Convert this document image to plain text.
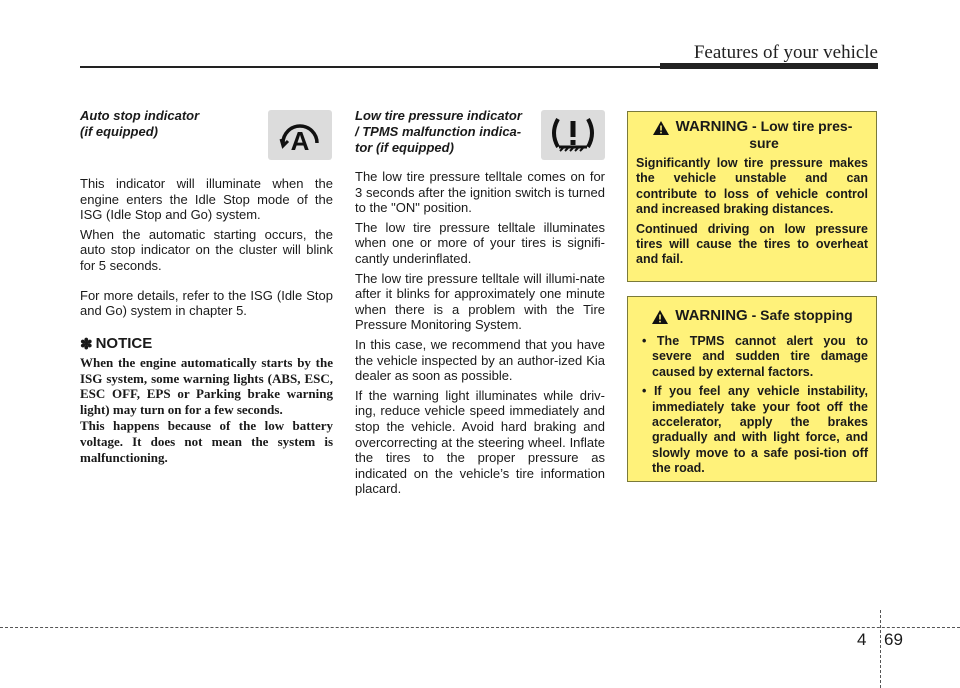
Features of your vehicle

Auto stop indicator
(if equipped)

This indicator will illuminate when the engine enters the Idle Stop mode of the ISG (Idle Stop and Go) system.

When the automatic starting occurs, the auto stop indicator on the cluster will blink for 5 seconds.

For more details, refer to the ISG (Idle Stop and Go) system in chapter 5.

✽ NOTICE

When the engine automatically starts by the ISG system, some warning lights (ABS, ESC, ESC OFF, EPS or Parking brake warning light) may turn on for a few seconds.

This happens because of the low battery voltage. It does not mean the system is malfunctioning.

A

Low tire pressure indicator
/ TPMS malfunction indica-
tor (if equipped)

The low tire pressure telltale comes on for 3 seconds after the ignition switch is turned to the "ON" position.

The low tire pressure telltale illuminates when one or more of your tires is signifi-cantly underinflated.

The low tire pressure telltale will illumi-nate after it blinks for approximately one minute when there is a problem with the Tire Pressure Monitoring System.

In this case, we recommend that you have the vehicle inspected by an author-ized Kia dealer as soon as possible.

If the warning light illuminates while driv-ing, reduce vehicle speed immediately and stop the vehicle. Avoid hard braking and overcorrecting at the steering wheel. Inflate the tires to the proper pressure as indicated on the vehicle’s tire information placard.

WARNING - Low tire pres-
sure

Significantly low tire pressure makes the vehicle unstable and can contribute to loss of vehicle control and increased braking distances.

Continued driving on low pressure tires will cause the tires to overheat and fail.

WARNING - Safe stopping
• The TPMS cannot alert you to severe and sudden tire damage caused by external factors.
• If you feel any vehicle instability, immediately take your foot off the accelerator, apply the brakes gradually and with light force, and slowly move to a safe posi-tion off the road.
4 69
